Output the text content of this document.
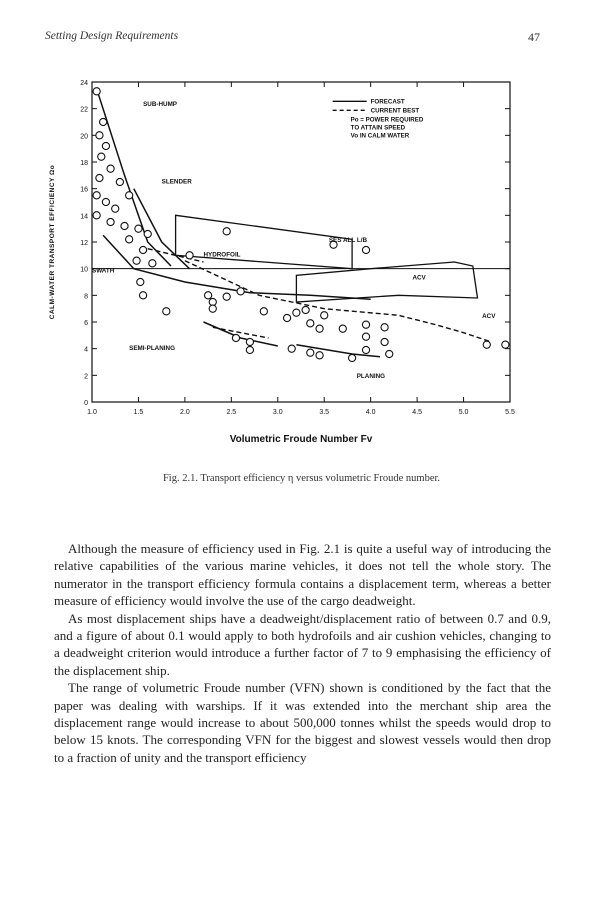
Setting Design Requirements	47
1.0	1.5	2.0	2.5	3.0	3.5	4.0	4.5	5.0	5.5
0
2
4
6
8
10
12
14
16
18
20
22
24
CALM-WATER TRANSPORT EFFICIENCY Ωo
Volumetric Froude Number Fv
SUB-HUMP
SLENDER
SES ALL L/B
HYDROFOIL
SWATH
ACV
ACV
SEMI-PLANING
PLANING
FORECAST
CURRENT BEST
Po = POWER REQUIRED
TO ATTAIN SPEED
Vo IN CALM WATER
Fig. 2.1. Transport efficiency η versus volumetric Froude number.

Although the measure of efficiency used in Fig. 2.1 is quite a useful way of introducing the relative capabilities of the various marine vehicles, it does not tell the whole story. The numerator in the transport efficiency formula contains a displacement term, whereas a better measure of efficiency would involve the use of the cargo deadweight.

As most displacement ships have a deadweight/displacement ratio of between 0.7 and 0.9, and a figure of about 0.1 would apply to both hydrofoils and air cushion vehicles, changing to a deadweight criterion would introduce a further factor of 7 to 9 emphasising the efficiency of the displacement ship.

The range of volumetric Froude number (VFN) shown is conditioned by the fact that the paper was dealing with warships. If it was extended into the merchant ship area the displacement range would increase to about 500,000 tonnes whilst the speeds would drop to below 15 knots. The corresponding VFN for the biggest and slowest vessels would then drop to a fraction of unity and the transport efficiency
